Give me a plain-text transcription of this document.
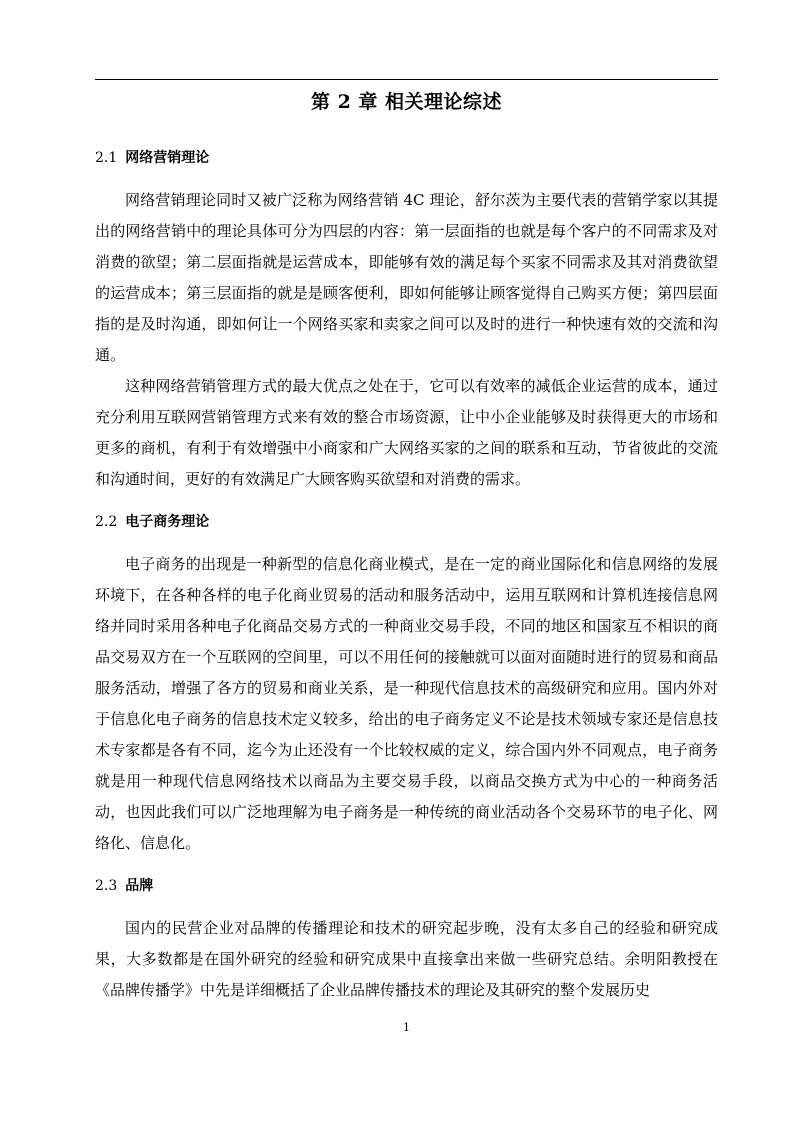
第 2 章 相关理论综述
2.1 网络营销理论

网络营销理论同时又被广泛称为网络营销 4C 理论，舒尔茨为主要代表的营销学家以其提出的网络营销中的理论具体可分为四层的内容：第一层面指的也就是每个客户的不同需求及对消费的欲望；第二层面指就是运营成本，即能够有效的满足每个买家不同需求及其对消费欲望的运营成本；第三层面指的就是是顾客便利，即如何能够让顾客觉得自己购买方便；第四层面指的是及时沟通，即如何让一个网络买家和卖家之间可以及时的进行一种快速有效的交流和沟通。

这种网络营销管理方式的最大优点之处在于，它可以有效率的减低企业运营的成本，通过充分利用互联网营销管理方式来有效的整合市场资源，让中小企业能够及时获得更大的市场和更多的商机，有利于有效增强中小商家和广大网络买家的之间的联系和互动，节省彼此的交流和沟通时间，更好的有效满足广大顾客购买欲望和对消费的需求。

2.2 电子商务理论

电子商务的出现是一种新型的信息化商业模式，是在一定的商业国际化和信息网络的发展环境下，在各种各样的电子化商业贸易的活动和服务活动中，运用互联网和计算机连接信息网络并同时采用各种电子化商品交易方式的一种商业交易手段，不同的地区和国家互不相识的商品交易双方在一个互联网的空间里，可以不用任何的接触就可以面对面随时进行的贸易和商品服务活动，增强了各方的贸易和商业关系，是一种现代信息技术的高级研究和应用。国内外对于信息化电子商务的信息技术定义较多，给出的电子商务定义不论是技术领域专家还是信息技术专家都是各有不同，迄今为止还没有一个比较权威的定义，综合国内外不同观点，电子商务就是用一种现代信息网络技术以商品为主要交易手段，以商品交换方式为中心的一种商务活动，也因此我们可以广泛地理解为电子商务是一种传统的商业活动各个交易环节的电子化、网络化、信息化。

2.3 品牌

国内的民营企业对品牌的传播理论和技术的研究起步晚，没有太多自己的经验和研究成果，大多数都是在国外研究的经验和研究成果中直接拿出来做一些研究总结。余明阳教授在《品牌传播学》中先是详细概括了企业品牌传播技术的理论及其研究的整个发展历史

1
